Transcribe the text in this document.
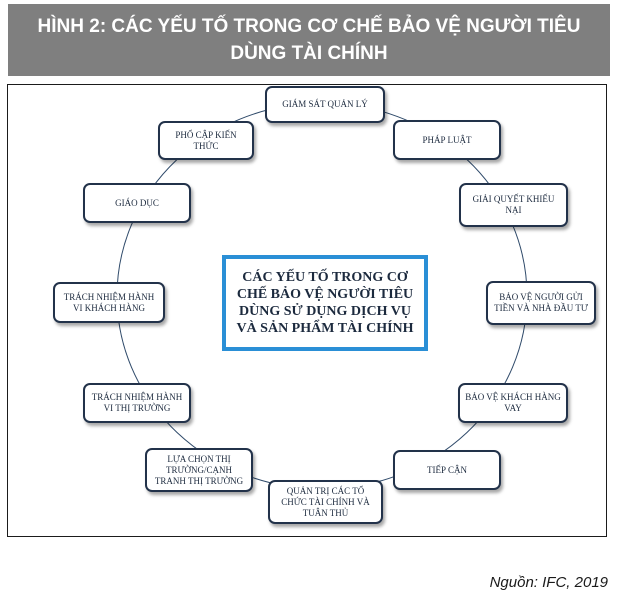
HÌNH 2: CÁC YẾU TỐ TRONG CƠ CHẾ BẢO VỆ NGƯỜI TIÊU DÙNG TÀI CHÍNH
CÁC YẾU TỐ TRONG CƠ CHẾ BẢO VỆ NGƯỜI TIÊU DÙNG SỬ DỤNG DỊCH VỤ VÀ SẢN PHẨM TÀI CHÍNH
GIÁM SÁT QUẢN LÝ
PHÁP LUẬT
GIẢI QUYẾT KHIẾU NẠI
BẢO VỆ NGƯỜI GỬI TIỀN VÀ NHÀ ĐẦU TƯ
BẢO VỆ KHÁCH HÀNG VAY
TIẾP CẬN
QUẢN TRỊ CÁC TỔ CHỨC TÀI CHÍNH VÀ TUÂN THỦ
LỰA CHỌN THỊ TRƯỜNG/CẠNH TRANH THỊ TRƯỜNG
TRÁCH NHIỆM HÀNH VI THỊ TRƯỜNG
TRÁCH NHIỆM HÀNH VI KHÁCH HÀNG
GIÁO DỤC
PHỔ CẬP KIẾN THỨC
Nguồn: IFC, 2019
